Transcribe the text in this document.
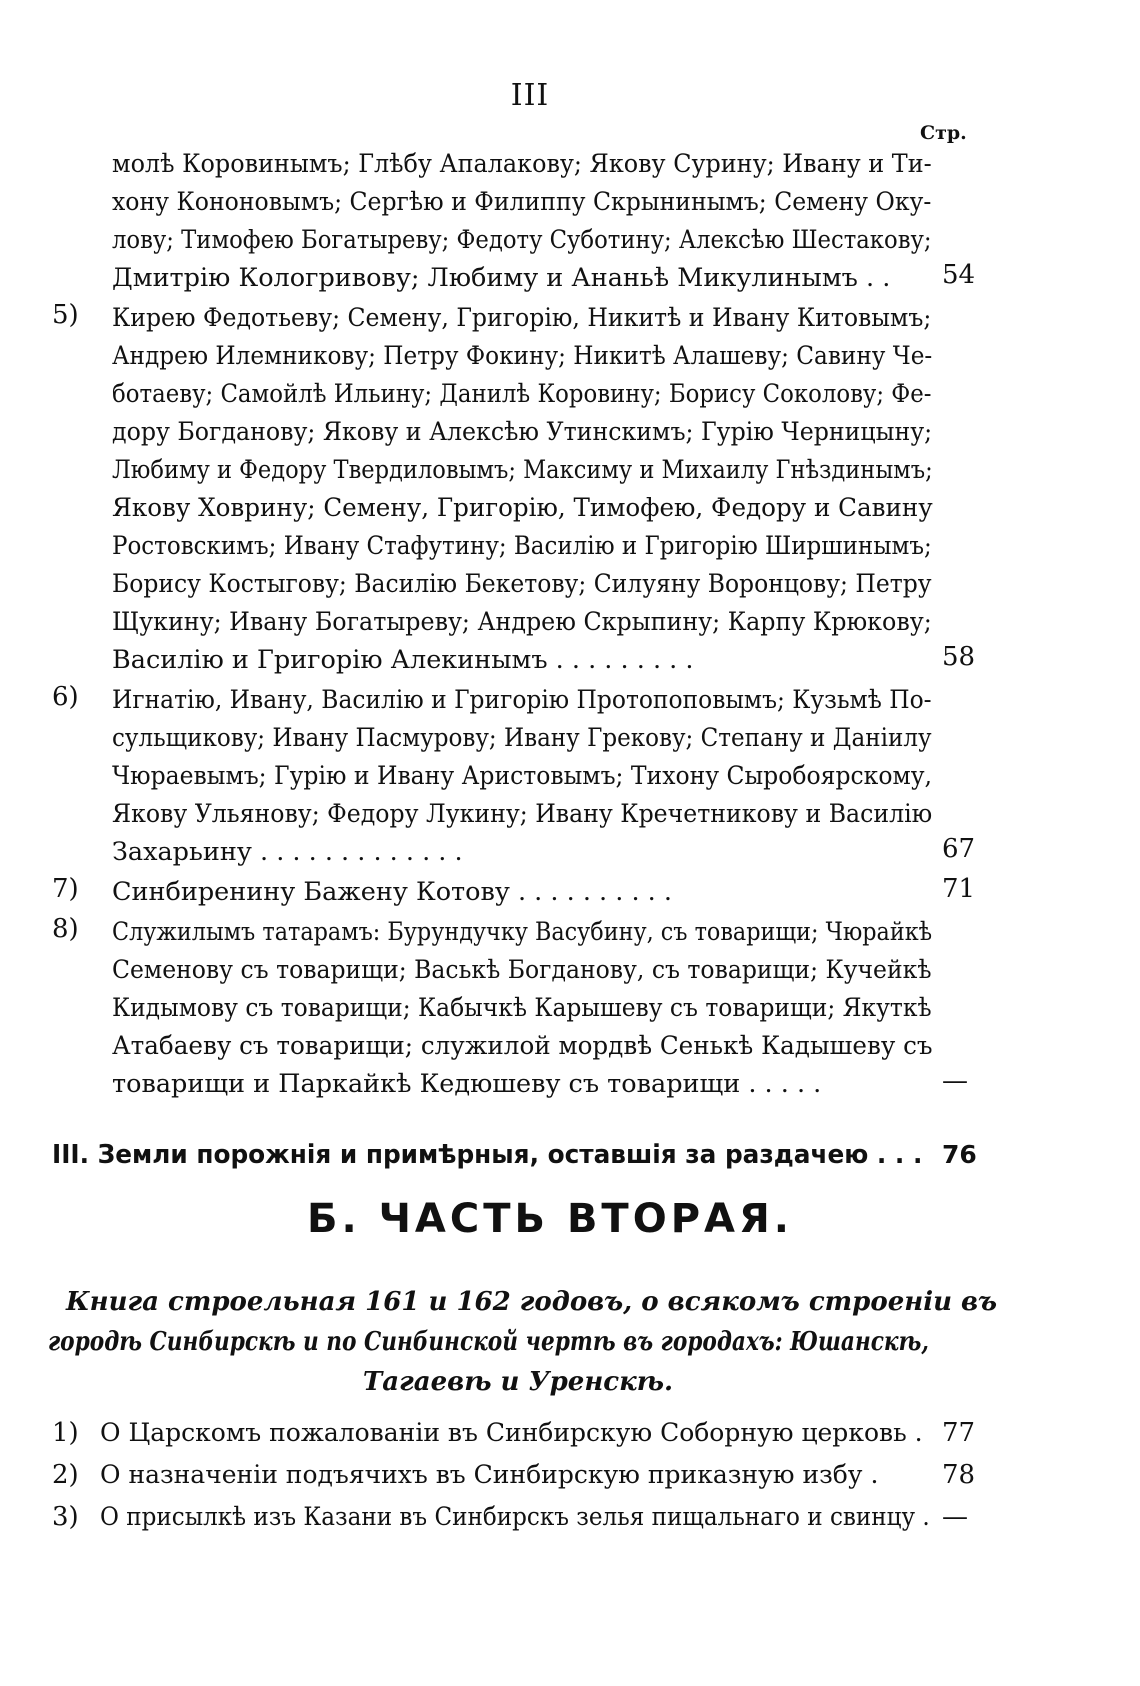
III
Стр.
молѣ Коровинымъ; Глѣбу Апалакову; Якову Сурину; Ивану и Ти-
хону Кононовымъ; Сергѣю и Филиппу Скрынинымъ; Семену Оку-
лову; Тимофею Богатыреву; Федоту Суботину; Алексѣю Шестакову;
Дмитрію Кологривову; Любиму и Ананьѣ Микулинымъ . . 54
5) Кирею Федотьеву; Семену, Григорію, Никитѣ и Ивану Китовымъ;
Андрею Илемникову; Петру Фокину; Никитѣ Алашеву; Савину Че-
ботаеву; Самойлѣ Ильину; Данилѣ Коровину; Борису Соколову; Фе-
дору Богданову; Якову и Алексѣю Утинскимъ; Гурію Черницыну;
Любиму и Федору Твердиловымъ; Максиму и Михаилу Гнѣздинымъ;
Якову Ховрину; Семену, Григорію, Тимофею, Федору и Савину
Ростовскимъ; Ивану Стафутину; Василію и Григорію Ширшинымъ;
Борису Костыгову; Василію Бекетову; Силуяну Воронцову; Петру
Щукину; Ивану Богатыреву; Андрею Скрыпину; Карпу Крюкову;
Василію и Григорію Алекинымъ . . . . . . . . .	58
6) Игнатію, Ивану, Василію и Григорію Протопоповымъ; Кузьмѣ По-
сульщикову; Ивану Пасмурову; Ивану Грекову; Степану и Даніилу
Чюраевымъ; Гурію и Ивану Аристовымъ; Тихону Сыробоярскому,
Якову Ульянову; Федору Лукину; Ивану Кречетникову и Василію
Захарьину . . . . . . . . . . . . .	67
7) Синбиренину Бажену Котову . . . . . . . . . .	71
8) Служилымъ татарамъ: Бурундучку Васубину, съ товарищи; Чюрайкѣ
Семенову съ товарищи; Васькѣ Богданову, съ товарищи; Кучейкѣ
Кидымову съ товарищи; Кабычкѣ Карышеву съ товарищи; Якуткѣ
Атабаеву съ товарищи; служилой мордвѣ Сенькѣ Кадышеву съ
товарищи и Паркайкѣ Кедюшеву съ товарищи . . . . .	—
III. Земли порожнія и примѣрныя, оставшія за раздачею . . . 76
Б. ЧАСТЬ ВТОРАЯ.
Книга строельная 161 и 162 годовъ, о всякомъ строеніи въ
городѣ Синбирскѣ и по Синбинской чертѣ въ городахъ: Юшанскѣ,
Тагаевѣ и Уренскѣ.
1) О Царскомъ пожалованіи въ Синбирскую Соборную церковь . 77
2) О назначеніи подъячихъ въ Синбирскую приказную избу . 78
3) О присылкѣ изъ Казани въ Синбирскъ зелья пищальнаго и свинцу . —
